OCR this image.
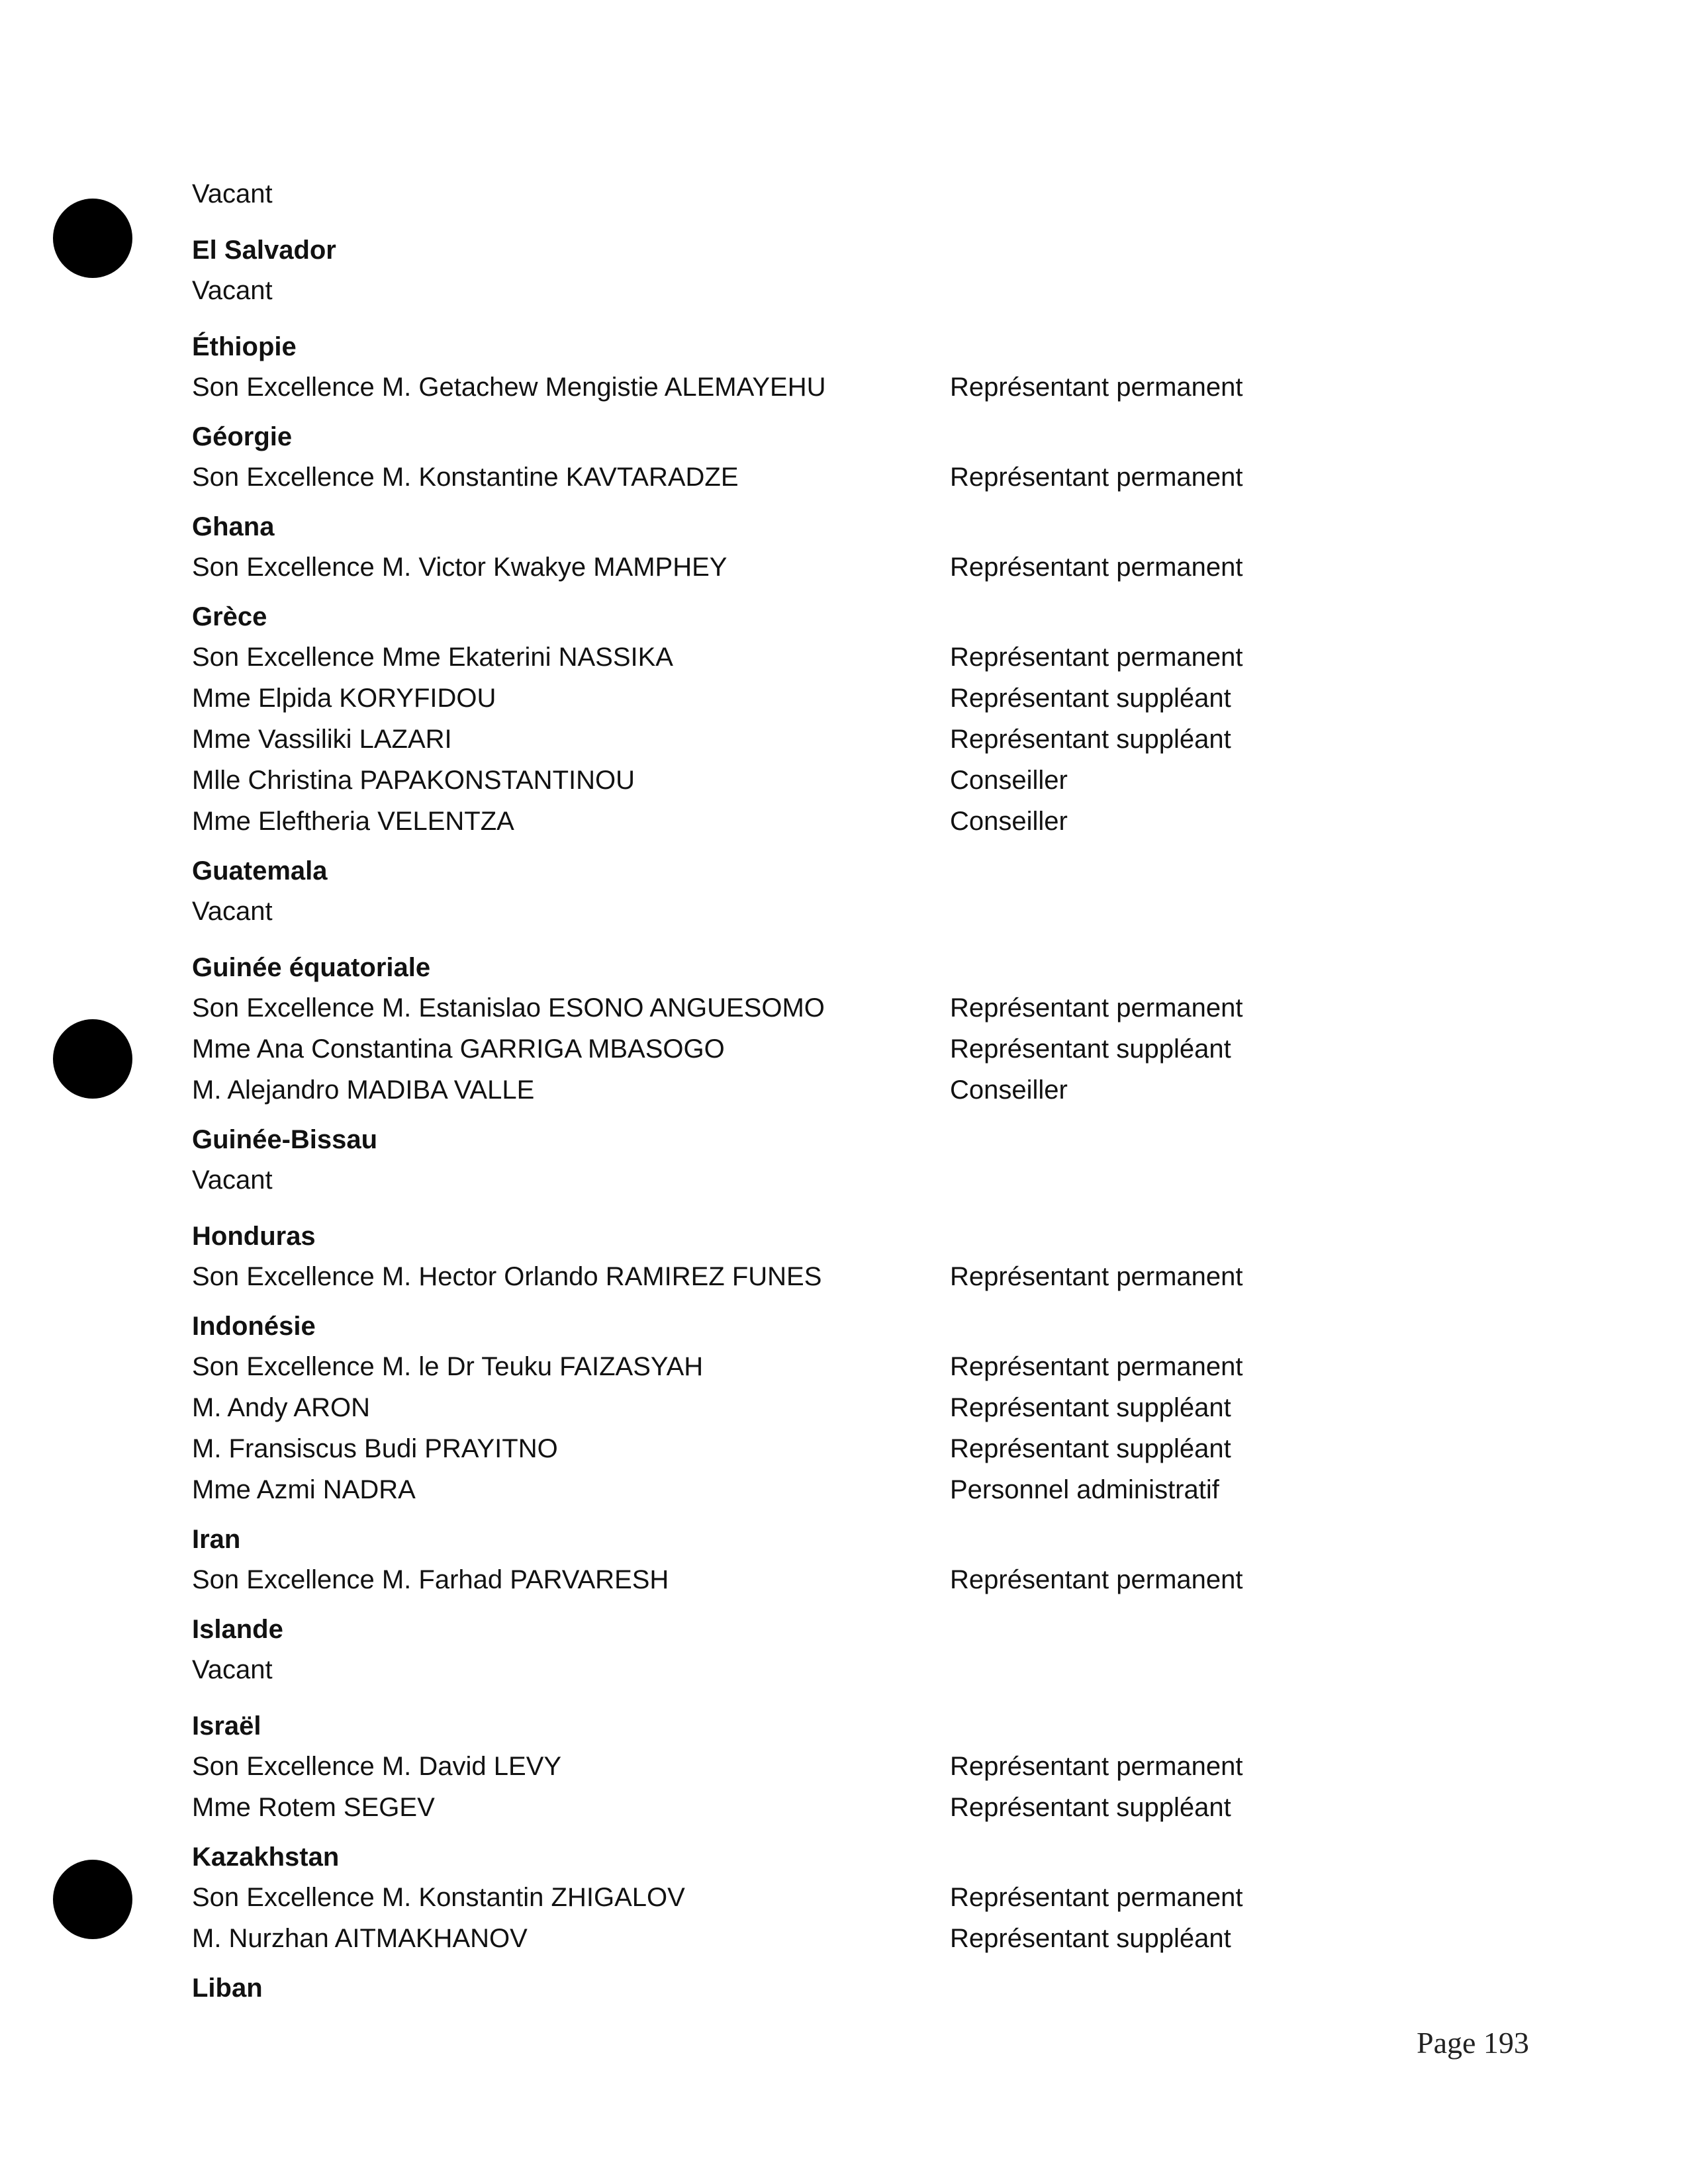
Vacant
El Salvador
Vacant
Éthiopie
Son Excellence M. Getachew Mengistie ALEMAYEHU	Représentant permanent
Géorgie
Son Excellence M. Konstantine KAVTARADZE	Représentant permanent
Ghana
Son Excellence M. Victor Kwakye MAMPHEY	Représentant permanent
Grèce
Son Excellence Mme Ekaterini NASSIKA	Représentant permanent
Mme Elpida KORYFIDOU	Représentant suppléant
Mme Vassiliki LAZARI	Représentant suppléant
Mlle Christina PAPAKONSTANTINOU	Conseiller
Mme Eleftheria VELENTZA	Conseiller
Guatemala
Vacant
Guinée équatoriale
Son Excellence M. Estanislao ESONO ANGUESOMO	Représentant permanent
Mme Ana Constantina GARRIGA MBASOGO	Représentant suppléant
M. Alejandro MADIBA VALLE	Conseiller
Guinée-Bissau
Vacant
Honduras
Son Excellence M. Hector Orlando RAMIREZ FUNES	Représentant permanent
Indonésie
Son Excellence M. le Dr Teuku FAIZASYAH	Représentant permanent
M. Andy ARON	Représentant suppléant
M. Fransiscus Budi PRAYITNO	Représentant suppléant
Mme Azmi NADRA	Personnel administratif
Iran
Son Excellence M. Farhad PARVARESH	Représentant permanent
Islande
Vacant
Israël
Son Excellence M. David LEVY	Représentant permanent
Mme Rotem SEGEV	Représentant suppléant
Kazakhstan
Son Excellence M. Konstantin ZHIGALOV	Représentant permanent
M. Nurzhan AITMAKHANOV	Représentant suppléant
Liban
Page 193
